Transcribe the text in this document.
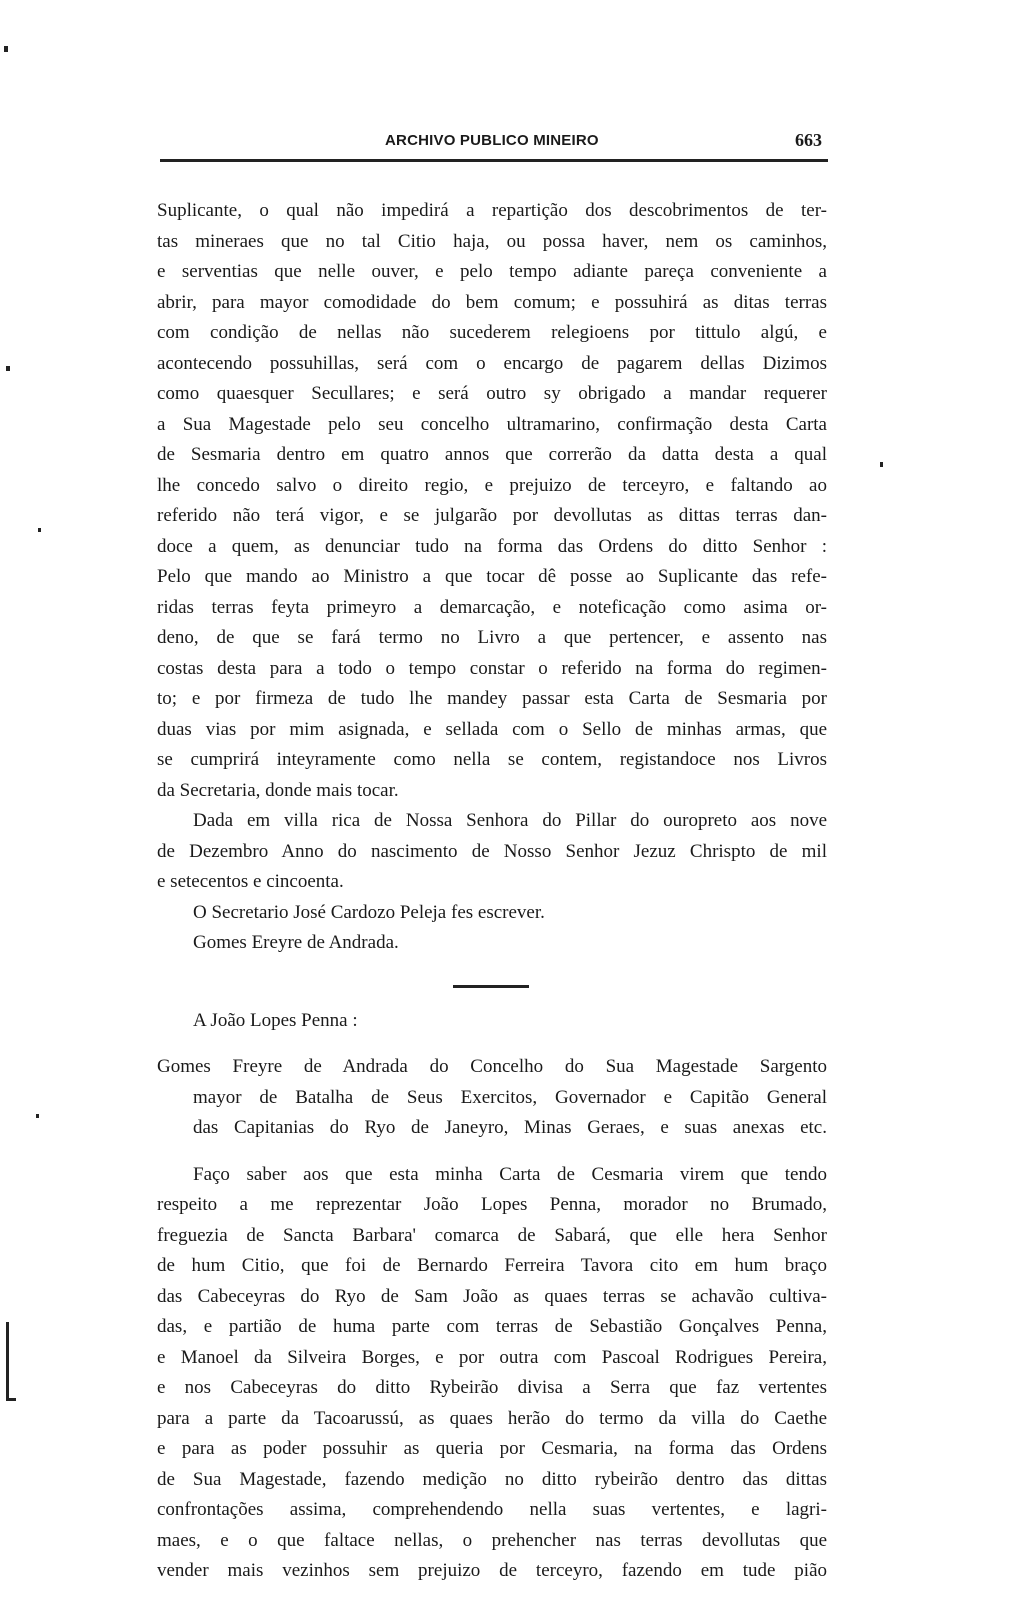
ARCHIVO PUBLICO MINEIRO	663
Suplicante, o qual não impedirá a repartição dos descobrimentos de ter-
tas mineraes que no tal Citio haja, ou possa haver, nem os caminhos,
e serventias que nelle ouver, e pelo tempo adiante pareça conveniente a
abrir, para mayor comodidade do bem comum; e possuhirá as ditas terras
com condição de nellas não sucederem relegioens por tittulo algú, e
acontecendo possuhillas, será com o encargo de pagarem dellas Dizimos
como quaesquer Secullares; e será outro sy obrigado a mandar requerer
a Sua Magestade pelo seu concelho ultramarino, confirmação desta Carta
de Sesmaria dentro em quatro annos que correrão da datta desta a qual
lhe concedo salvo o direito regio, e prejuizo de terceyro, e faltando ao
referido não terá vigor, e se julgarão por devollutas as dittas terras dan-
doce a quem, as denunciar tudo na forma das Ordens do ditto Senhor :
Pelo que mando ao Ministro a que tocar dê posse ao Suplicante das refe-
ridas terras feyta primeyro a demarcação, e noteficação como asima or-
deno, de que se fará termo no Livro a que pertencer, e assento nas
costas desta para a todo o tempo constar o referido na forma do regimen-
to; e por firmeza de tudo lhe mandey passar esta Carta de Sesmaria por
duas vias por mim asignada, e sellada com o Sello de minhas armas, que
se cumprirá inteyramente como nella se contem, registandoce nos Livros
da Secretaria, donde mais tocar.
Dada em villa rica de Nossa Senhora do Pillar do ouropreto aos nove
de Dezembro Anno do nascimento de Nosso Senhor Jezuz Chrispto de mil
e setecentos e cincoenta.
O Secretario José Cardozo Peleja fes escrever.
Gomes Ereyre de Andrada.
A João Lopes Penna :
Gomes Freyre de Andrada do Concelho do Sua Magestade Sargento
mayor de Batalha de Seus Exercitos, Governador e Capitão General
das Capitanias do Ryo de Janeyro, Minas Geraes, e suas anexas etc.
Faço saber aos que esta minha Carta de Cesmaria virem que tendo
respeito a me reprezentar João Lopes Penna, morador no Brumado,
freguezia de Sancta Barbara' comarca de Sabará, que elle hera Senhor
de hum Citio, que foi de Bernardo Ferreira Tavora cito em hum braço
das Cabeceyras do Ryo de Sam João as quaes terras se achavão cultiva-
das, e partião de huma parte com terras de Sebastião Gonçalves Penna,
e Manoel da Silveira Borges, e por outra com Pascoal Rodrigues Pereira,
e nos Cabeceyras do ditto Rybeirão divisa a Serra que faz vertentes
para a parte da Tacoarussú, as quaes herão do termo da villa do Caethe
e para as poder possuhir as queria por Cesmaria, na forma das Ordens
de Sua Magestade, fazendo medição no ditto rybeirão dentro das dittas
confrontações assima, comprehendendo nella suas vertentes, e lagri-
maes, e o que faltace nellas, o prehencher nas terras devollutas que
vender mais vezinhos sem prejuizo de terceyro, fazendo em tude pião
